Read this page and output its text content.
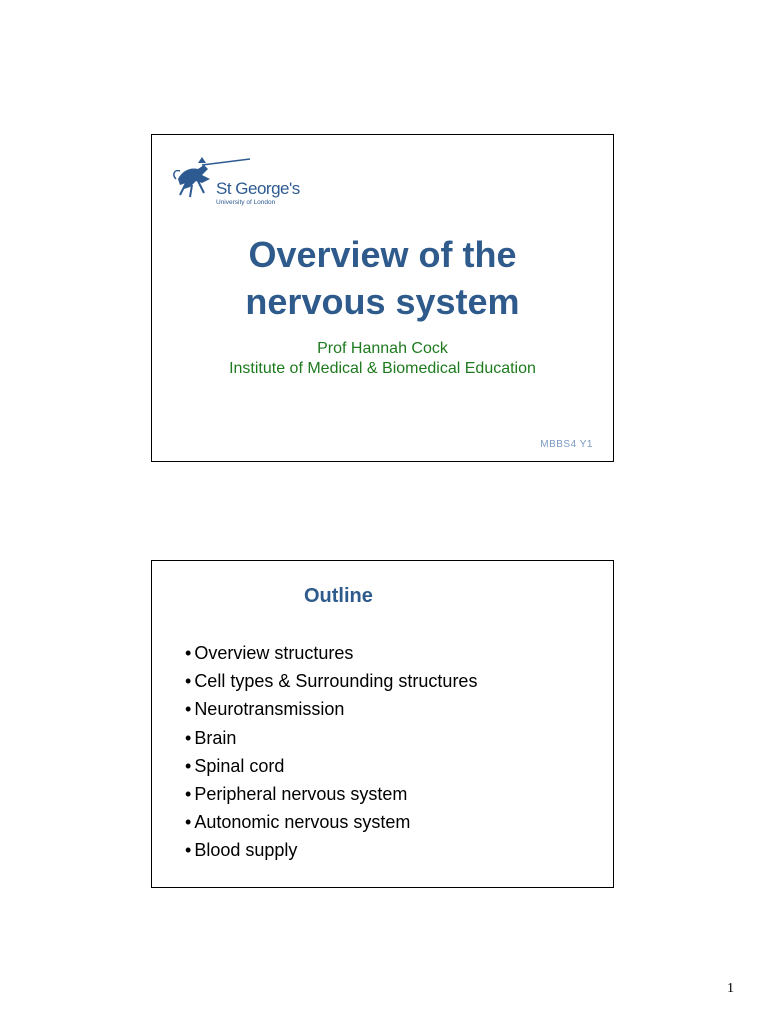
St George's
University of London
Overview of the
nervous system
Prof Hannah Cock
Institute of Medical & Biomedical Education
MBBS4 Y1
Outline
• Overview structures
• Cell types & Surrounding structures
• Neurotransmission
• Brain
• Spinal cord
• Peripheral nervous system
• Autonomic nervous system
• Blood supply
1
